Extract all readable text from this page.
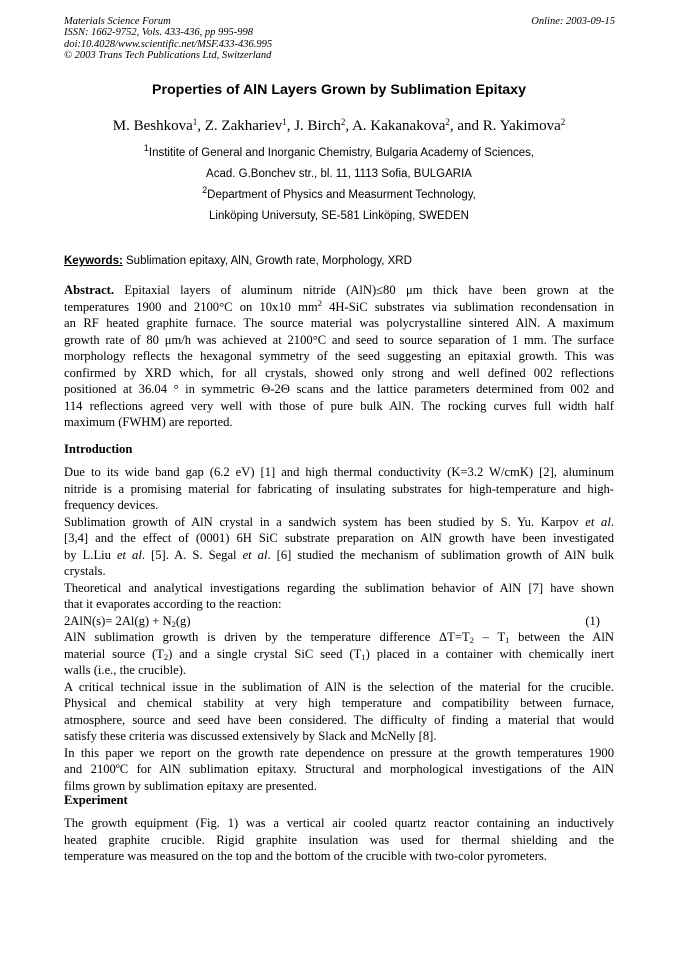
Materials Science Forum
ISSN: 1662-9752, Vols. 433-436, pp 995-998
doi:10.4028/www.scientific.net/MSF.433-436.995
© 2003 Trans Tech Publications Ltd, Switzerland
Online: 2003-09-15
Properties of AlN Layers Grown by Sublimation Epitaxy
M. Beshkova$^1$, Z. Zakhariev$^1$, J. Birch$^2$, A. Kakanakova$^2$, and R. Yakimova$^2$
$^1$Institite of General and Inorganic Chemistry, Bulgaria Academy of Sciences,
Acad. G.Bonchev str., bl. 11, 1113 Sofia, BULGARIA
$^2$Department of Physics and Measurment Technology,
Linköping Universuty, SE-581 Linköping, SWEDEN
Keywords: Sublimation epitaxy, AlN, Growth rate, Morphology, XRD
Abstract. Epitaxial layers of aluminum nitride (AlN)≤80 μm thick have been grown at the
temperatures 1900 and 2100°C on 10x10 $mm^2$ 4H-SiC substrates via sublimation recondensation in
an RF heated graphite furnace. The source material was polycrystalline sintered AlN. A maximum
growth rate of 80 μm/h was achieved at 2100°C and seed to source separation of 1 mm. The surface
morphology reflects the hexagonal symmetry of the seed suggesting an epitaxial growth. This was
confirmed by XRD which, for all crystals, showed only strong and well defined 002 reflections
positioned at 36.04 ° in symmetric Θ-2Θ scans and the lattice parameters determined from 002 and
114 reflections agreed very well with those of pure bulk AlN. The rocking curves full width half
maximum (FWHM) are reported.
Introduction
Due to its wide band gap (6.2 eV) [1] and high thermal conductivity (K=3.2 W/cmK) [2], aluminum
nitride is a promising material for fabricating of insulating substrates for high-temperature and high-
frequency devices.
Sublimation growth of AlN crystal in a sandwich system has been studied by S. Yu. Karpov et al.
[3,4] and the effect of (0001) 6H SiC substrate preparation on AlN growth have been investigated
by L.Liu et al. [5]. A. S. Segal et al. [6] studied the mechanism of sublimation growth of AlN bulk
crystals.
Theoretical and analytical investigations regarding the sublimation behavior of AlN [7] have shown
that it evaporates according to the reaction:
$2AlN(s)= 2Al(g) + N_2(g)$	(1)
AlN sublimation growth is driven by the temperature difference $\Delta T=T_2 - T_1$ between the AlN
material source $(T_2)$ and a single crystal SiC seed $(T_1)$ placed in a container with chemically inert
walls (i.e., the crucible).
A critical technical issue in the sublimation of AlN is the selection of the material for the crucible.
Physical and chemical stability at very high temperature and compatibility between furnace,
atmosphere, source and seed have been considered. The difficulty of finding a material that would
satisfy these criteria was discussed extensively by Slack and McNelly [8].
In this paper we report on the growth rate dependence on pressure at the growth temperatures 1900
and 2100ºC for AlN sublimation epitaxy. Structural and morphological investigations of the AlN
films grown by sublimation epitaxy are presented.
Experiment
The growth equipment (Fig. 1) was a vertical air cooled quartz reactor containing an inductively
heated graphite crucible. Rigid graphite insulation was used for thermal shielding and the
temperature was measured on the top and the bottom of the crucible with two-color pyrometers.
